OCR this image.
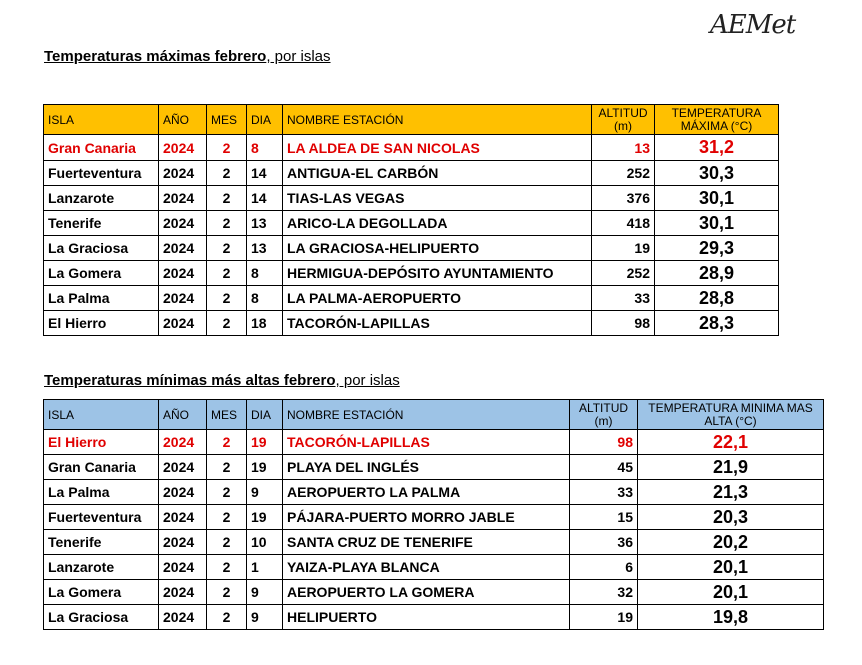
AEMet
Temperaturas máximas febrero, por islas
ISLA	AÑO	MES	DIA	NOMBRE ESTACIÓN	ALTITUD (m)	TEMPERATURA MÁXIMA (°C)
Gran Canaria	2024	2	8	LA ALDEA DE SAN NICOLAS	13	31,2
Fuerteventura	2024	2	14	ANTIGUA-EL CARBÓN	252	30,3
Lanzarote	2024	2	14	TIAS-LAS VEGAS	376	30,1
Tenerife	2024	2	13	ARICO-LA DEGOLLADA	418	30,1
La Graciosa	2024	2	13	LA GRACIOSA-HELIPUERTO	19	29,3
La Gomera	2024	2	8	HERMIGUA-DEPÓSITO AYUNTAMIENTO	252	28,9
La Palma	2024	2	8	LA PALMA-AEROPUERTO	33	28,8
El Hierro	2024	2	18	TACORÓN-LAPILLAS	98	28,3
Temperaturas mínimas más altas febrero, por islas
ISLA	AÑO	MES	DIA	NOMBRE ESTACIÓN	ALTITUD (m)	TEMPERATURA MINIMA MAS ALTA (°C)
El Hierro	2024	2	19	TACORÓN-LAPILLAS	98	22,1
Gran Canaria	2024	2	19	PLAYA DEL INGLÉS	45	21,9
La Palma	2024	2	9	AEROPUERTO LA PALMA	33	21,3
Fuerteventura	2024	2	19	PÁJARA-PUERTO MORRO JABLE	15	20,3
Tenerife	2024	2	10	SANTA CRUZ DE TENERIFE	36	20,2
Lanzarote	2024	2	1	YAIZA-PLAYA BLANCA	6	20,1
La Gomera	2024	2	9	AEROPUERTO LA GOMERA	32	20,1
La Graciosa	2024	2	9	HELIPUERTO	19	19,8
